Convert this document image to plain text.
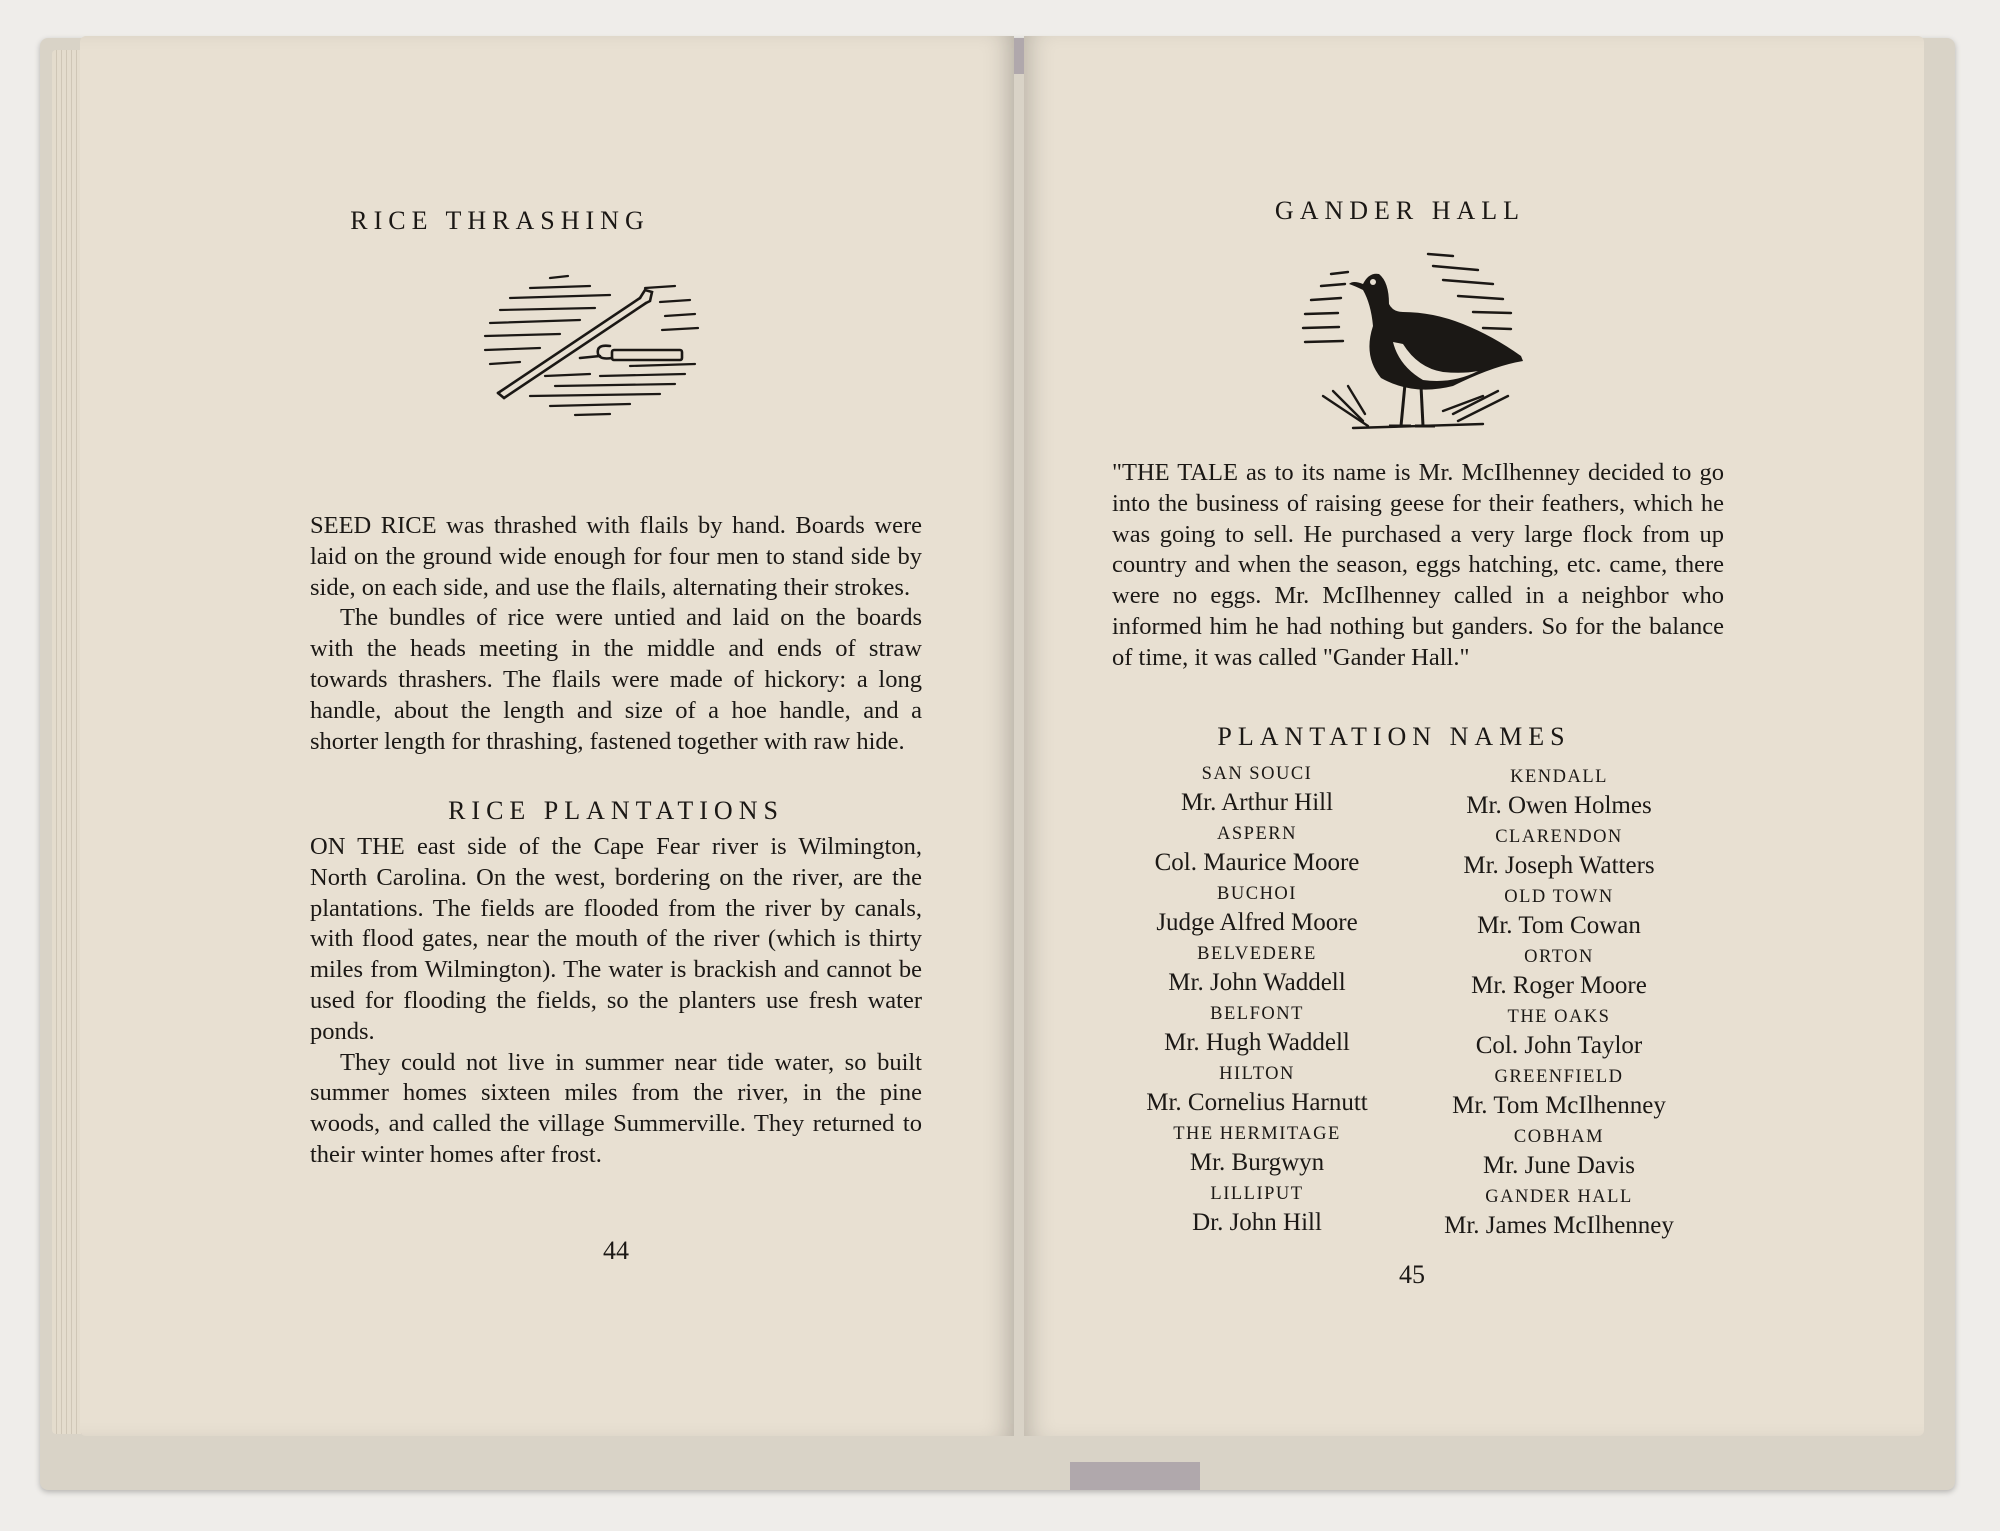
RICE THRASHING

SEED RICE was thrashed with flails by hand. Boards were laid on the ground wide enough for four men to stand side by side, on each side, and use the flails, alternating their strokes.

The bundles of rice were untied and laid on the boards with the heads meeting in the middle and ends of straw towards thrashers. The flails were made of hickory: a long handle, about the length and size of a hoe handle, and a shorter length for thrashing, fastened together with raw hide.

RICE PLANTATIONS

ON THE east side of the Cape Fear river is Wilmington, North Carolina. On the west, bordering on the river, are the plantations. The fields are flooded from the river by canals, with flood gates, near the mouth of the river (which is thirty miles from Wilmington). The water is brackish and cannot be used for flooding the fields, so the planters use fresh water ponds.

They could not live in summer near tide water, so built summer homes sixteen miles from the river, in the pine woods, and called the village Summerville. They returned to their winter homes after frost.

44
GANDER HALL

"THE TALE as to its name is Mr. McIlhenney decided to go into the business of raising geese for their feathers, which he was going to sell. He purchased a very large flock from up country and when the season, eggs hatching, etc. came, there were no eggs. Mr. McIlhenney called in a neighbor who informed him he had nothing but ganders. So for the balance of time, it was called "Gander Hall."

PLANTATION NAMES
SAN SOUCI
Mr. Arthur Hill
ASPERN
Col. Maurice Moore
BUCHOI
Judge Alfred Moore
BELVEDERE
Mr. John Waddell
BELFONT
Mr. Hugh Waddell
HILTON
Mr. Cornelius Harnutt
THE HERMITAGE
Mr. Burgwyn
LILLIPUT
Dr. John Hill
KENDALL
Mr. Owen Holmes
CLARENDON
Mr. Joseph Watters
OLD TOWN
Mr. Tom Cowan
ORTON
Mr. Roger Moore
THE OAKS
Col. John Taylor
GREENFIELD
Mr. Tom McIlhenney
COBHAM
Mr. June Davis
GANDER HALL
Mr. James McIlhenney
45
